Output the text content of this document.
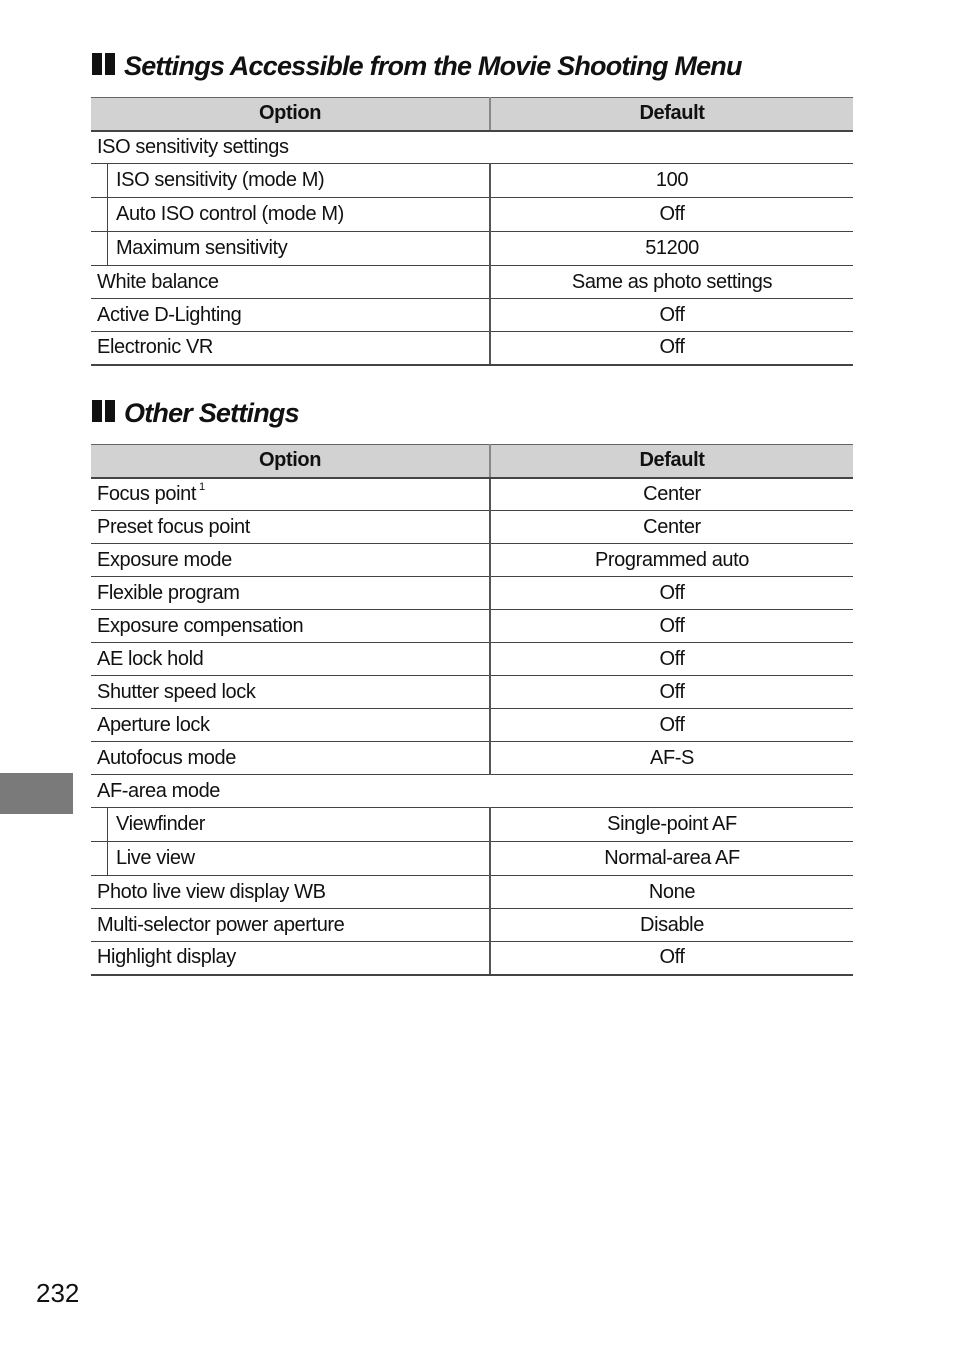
Settings Accessible from the Movie Shooting Menu
Option	Default
ISO sensitivity settings	

ISO sensitivity (mode M)	100

Auto ISO control (mode M)	Off

Maximum sensitivity	51200
White balance	Same as photo settings
Active D-Lighting	Off
Electronic VR	Off
Other Settings
Option	Default
Focus point $^1$	Center
Preset focus point	Center
Exposure mode	Programmed auto
Flexible program	Off
Exposure compensation	Off
AE lock hold	Off
Shutter speed lock	Off
Aperture lock	Off
Autofocus mode	AF-S
AF-area mode	

Viewfinder	Single-point AF

Live view	Normal-area AF
Photo live view display WB	None
Multi-selector power aperture	Disable
Highlight display	Off
232
